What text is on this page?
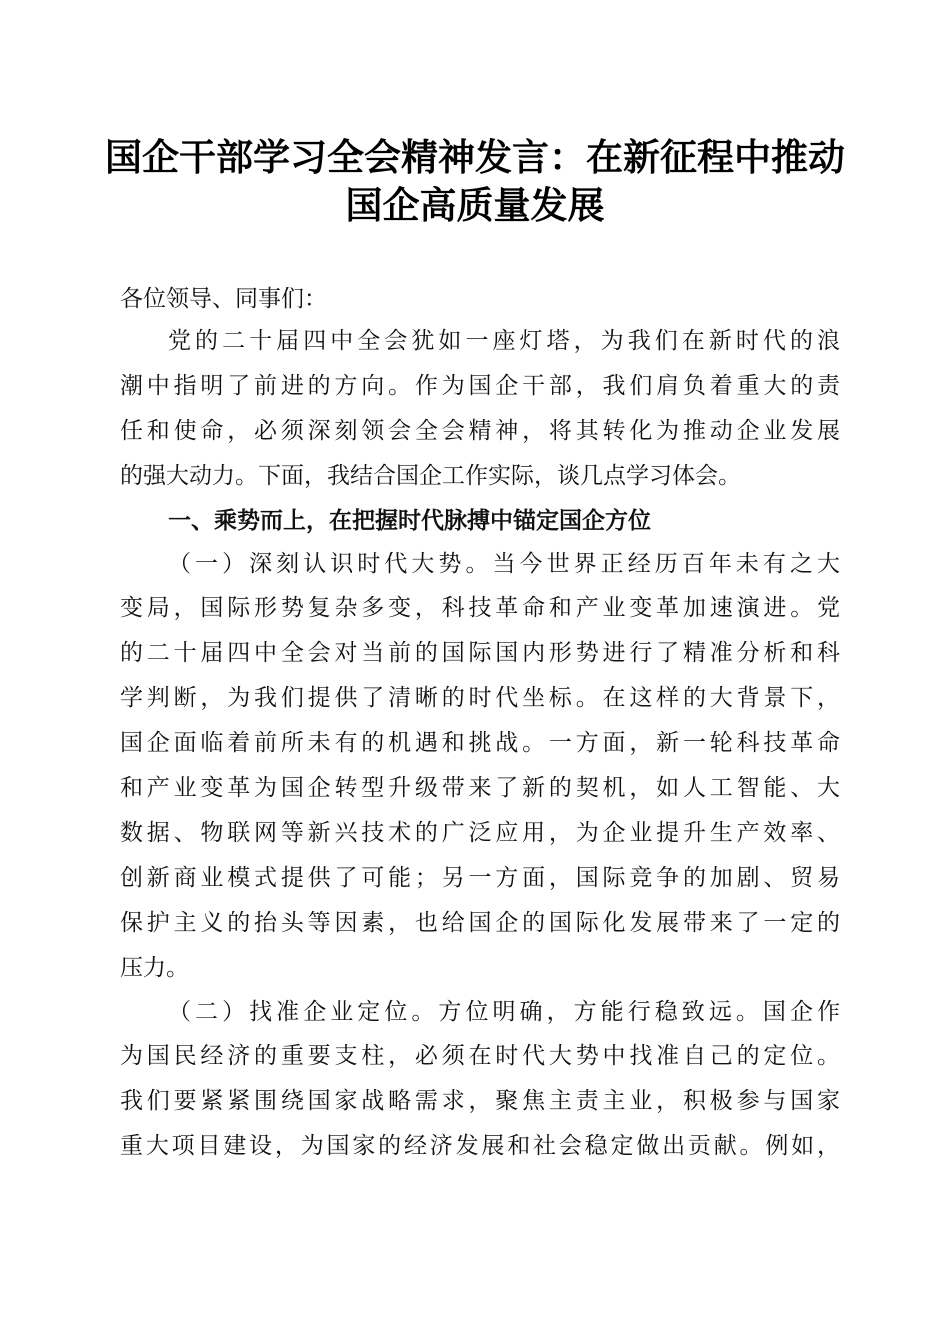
国企干部学习全会精神发言：在新征程中推动
国企高质量发展
各位领导、同事们：
党的二十届四中全会犹如一座灯塔，为我们在新时代的浪
潮中指明了前进的方向。作为国企干部，我们肩负着重大的责
任和使命，必须深刻领会全会精神，将其转化为推动企业发展
的强大动力。下面，我结合国企工作实际，谈几点学习体会。
一、乘势而上，在把握时代脉搏中锚定国企方位
（一）深刻认识时代大势。当今世界正经历百年未有之大
变局，国际形势复杂多变，科技革命和产业变革加速演进。党
的二十届四中全会对当前的国际国内形势进行了精准分析和科
学判断，为我们提供了清晰的时代坐标。在这样的大背景下，
国企面临着前所未有的机遇和挑战。一方面，新一轮科技革命
和产业变革为国企转型升级带来了新的契机，如人工智能、大
数据、物联网等新兴技术的广泛应用，为企业提升生产效率、
创新商业模式提供了可能；另一方面，国际竞争的加剧、贸易
保护主义的抬头等因素，也给国企的国际化发展带来了一定的
压力。
（二）找准企业定位。方位明确，方能行稳致远。国企作
为国民经济的重要支柱，必须在时代大势中找准自己的定位。
我们要紧紧围绕国家战略需求，聚焦主责主业，积极参与国家
重大项目建设，为国家的经济发展和社会稳定做出贡献。例如，
